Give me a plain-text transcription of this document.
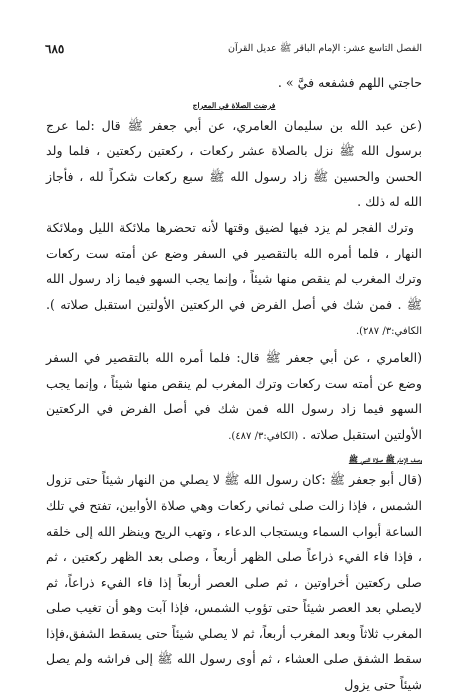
الفصل التاسع عشر: الإمام الباقر ﷺ عديل القرآن
٦٨٥

حاجتي اللهم فشفعه فيَّ » .

فرضت الصلاة في المعراج

(عن عبد الله بن سليمان العامري، عن أبي جعفر ﷺ قال :لما عرج برسول الله ﷺ نزل بالصلاة عشر ركعات ، ركعتين ركعتين ، فلما ولد الحسن والحسين ﷺ زاد رسول الله ﷺ سبع ركعات شكراً لله ، فأجاز الله له ذلك .

وترك الفجر لم يزد فيها لضيق وقتها لأنه تحضرها ملائكة الليل وملائكة النهار ، فلما أمره الله بالتقصير في السفر وضع عن أمته ست ركعات وترك المغرب لم ينقص منها شيئاً ، وإنما يجب السهو فيما زاد رسول الله ﷺ . فمن شك في أصل الفرض في الركعتين الأولتين استقبل صلاته ). الكافي:٣/ ٢٨٧).

(العامري ، عن أبي جعفر ﷺ قال: فلما أمره الله بالتقصير في السفر وضع عن أمته ست ركعات وترك المغرب لم ينقص منها شيئاً ، وإنما يجب السهو فيما زاد رسول الله فمن شك في أصل الفرض في الركعتين الأولتين استقبل صلاته . (الكافي:٣/ ٤٨٧).

وصف الإمام ﷺ صلاة النبي ﷺ

(قال أبو جعفر ﷺ :كان رسول الله ﷺ لا يصلي من النهار شيئاً حتى تزول الشمس ، فإذا زالت صلى ثماني ركعات وهي صلاة الأوابين، تفتح في تلك الساعة أبواب السماء ويستجاب الدعاء ، وتهب الريح وينظر الله إلى خلقه ، فإذا فاء الفيء ذراعاً صلى الظهر أربعاً ، وصلى بعد الظهر ركعتين ، ثم صلى ركعتين أخراوتين ، ثم صلى العصر أربعاً إذا فاء الفيء ذراعاً، ثم لايصلي بعد العصر شيئاً حتى تؤوب الشمس، فإذا آبت وهو أن تغيب صلى المغرب ثلاثاً وبعد المغرب أربعاً، ثم لا يصلي شيئاً حتى يسقط الشفق،فإذا سقط الشفق صلى العشاء ، ثم أوى رسول الله ﷺ إلى فراشه ولم يصل شيئاً حتى يزول
